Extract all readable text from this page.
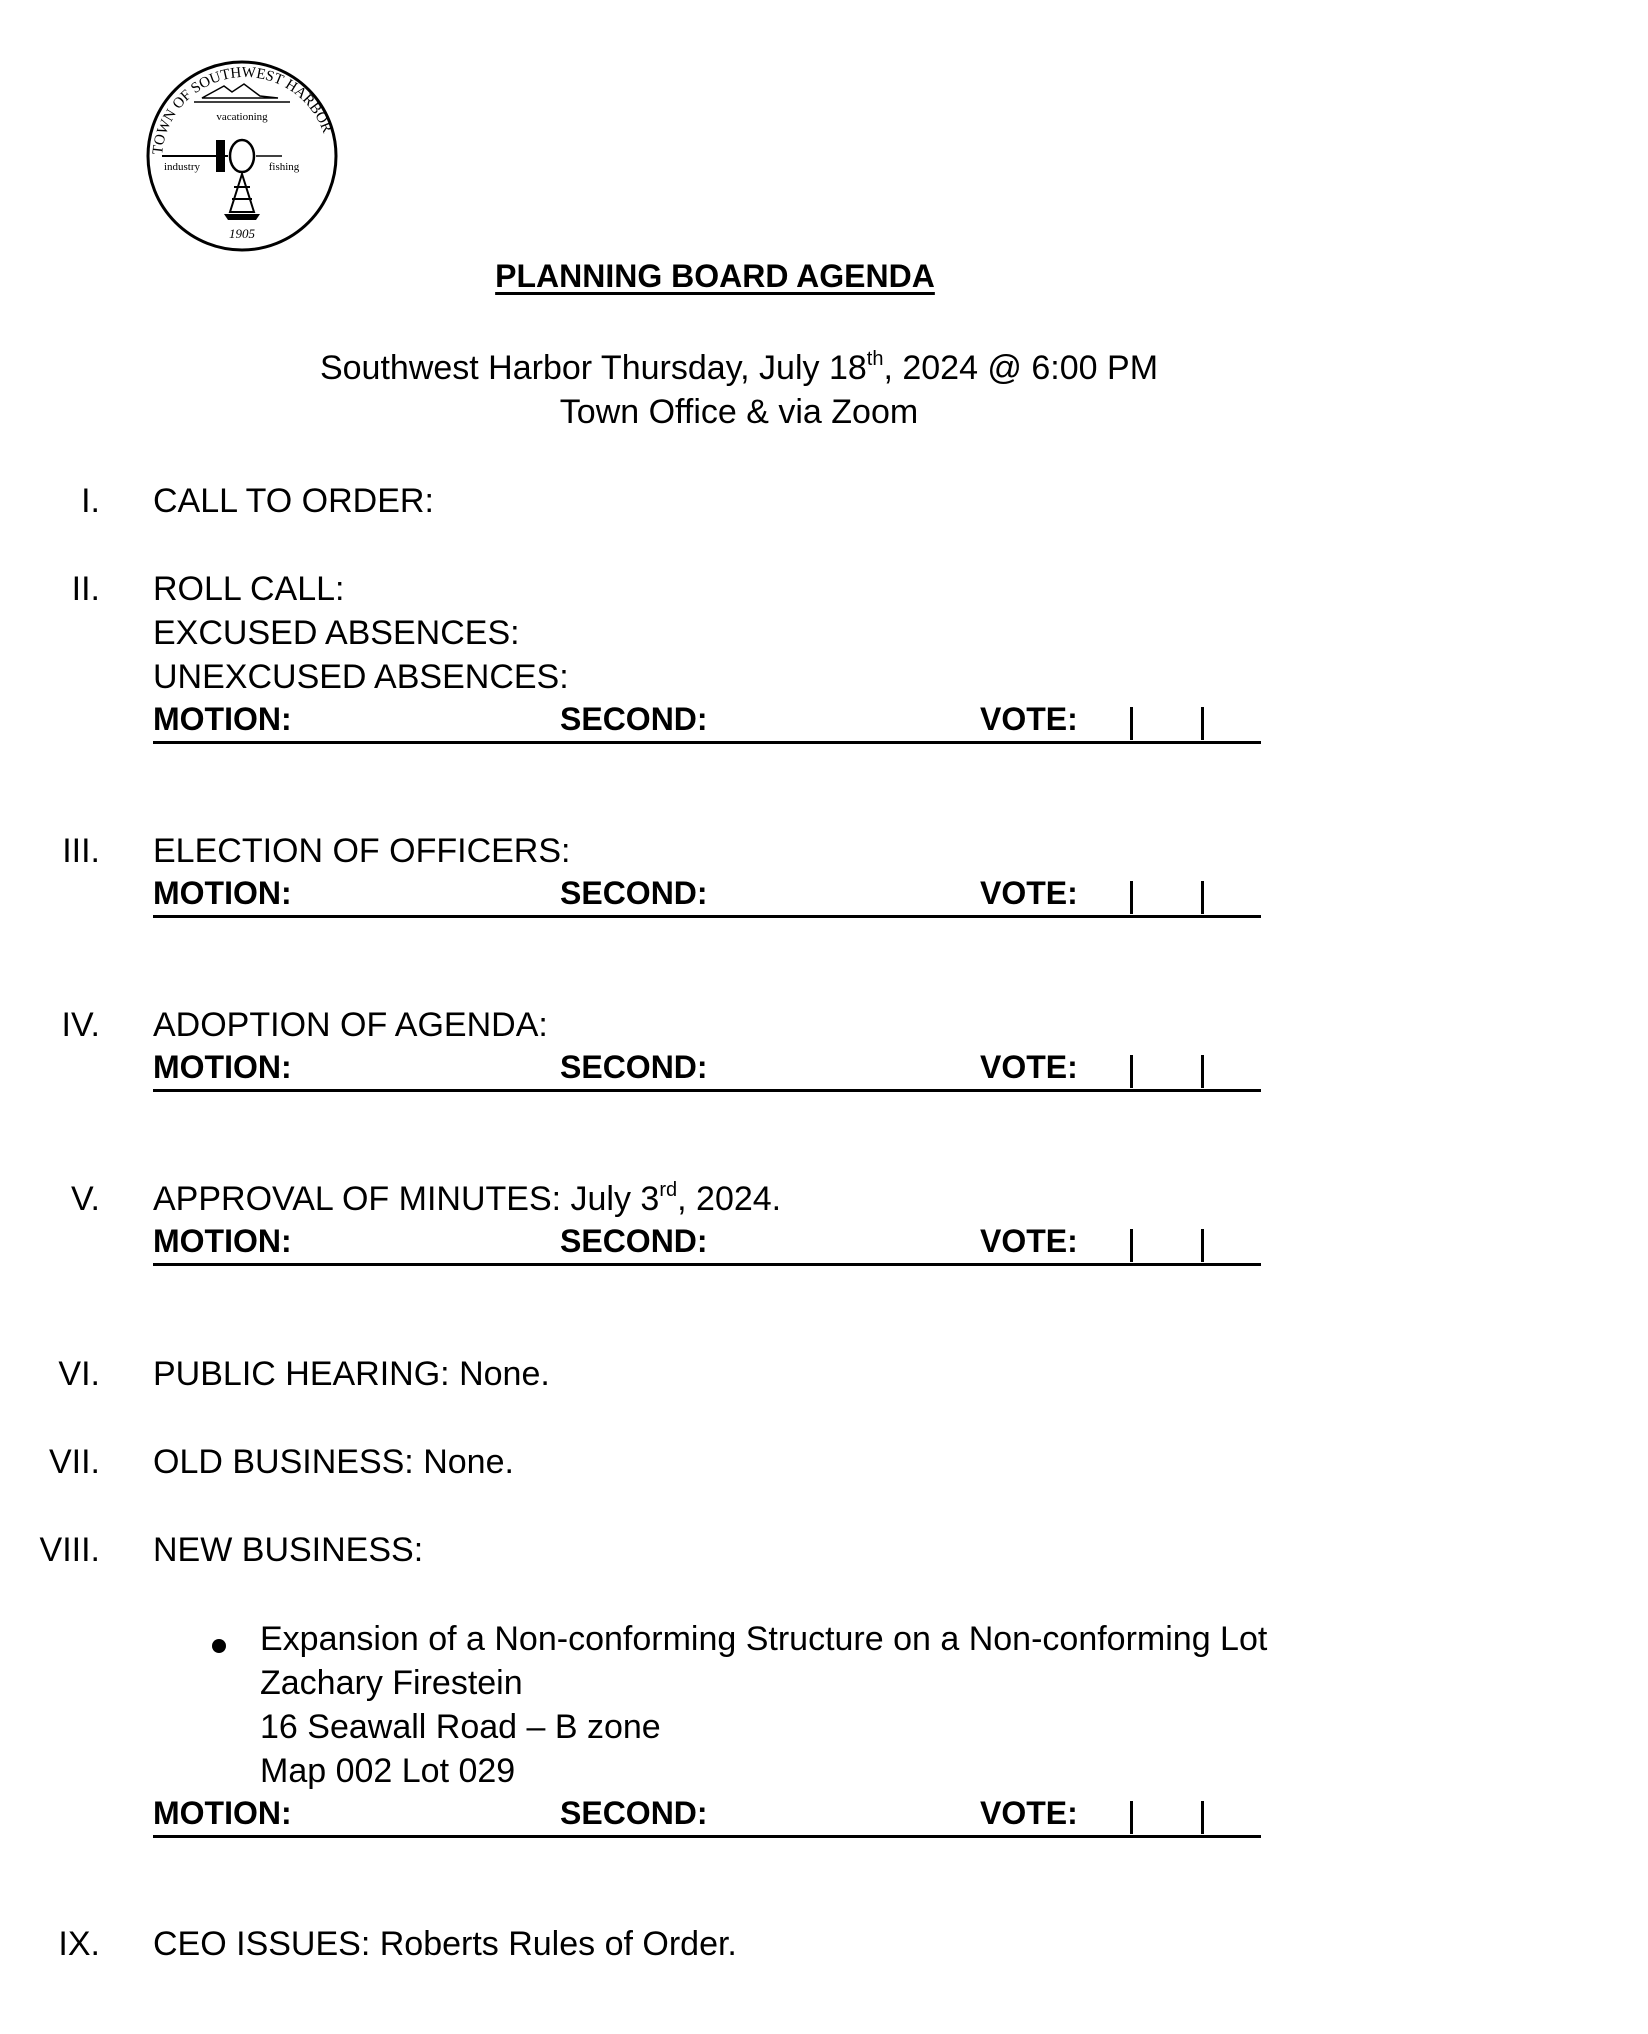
TOWN OF SOUTHWEST HARBOR
vacationing
industry	fishing
1905
PLANNING BOARD AGENDA
Southwest Harbor Thursday, July 18th, 2024 @ 6:00 PM
Town Office & via Zoom
I. CALL TO ORDER:
II. ROLL CALL:
EXCUSED ABSENCES:
UNEXCUSED ABSENCES:
MOTION:	SECOND:	VOTE:
III. ELECTION OF OFFICERS:
MOTION:	SECOND:	VOTE:
IV. ADOPTION OF AGENDA:
MOTION:	SECOND:	VOTE:
V. APPROVAL OF MINUTES: July 3rd, 2024.
MOTION:	SECOND:	VOTE:
VI. PUBLIC HEARING: None.
VII. OLD BUSINESS: None.
VIII. NEW BUSINESS:
Expansion of a Non-conforming Structure on a Non-conforming Lot
Zachary Firestein
16 Seawall Road – B zone
Map 002 Lot 029
MOTION:	SECOND:	VOTE:
IX. CEO ISSUES: Roberts Rules of Order.
